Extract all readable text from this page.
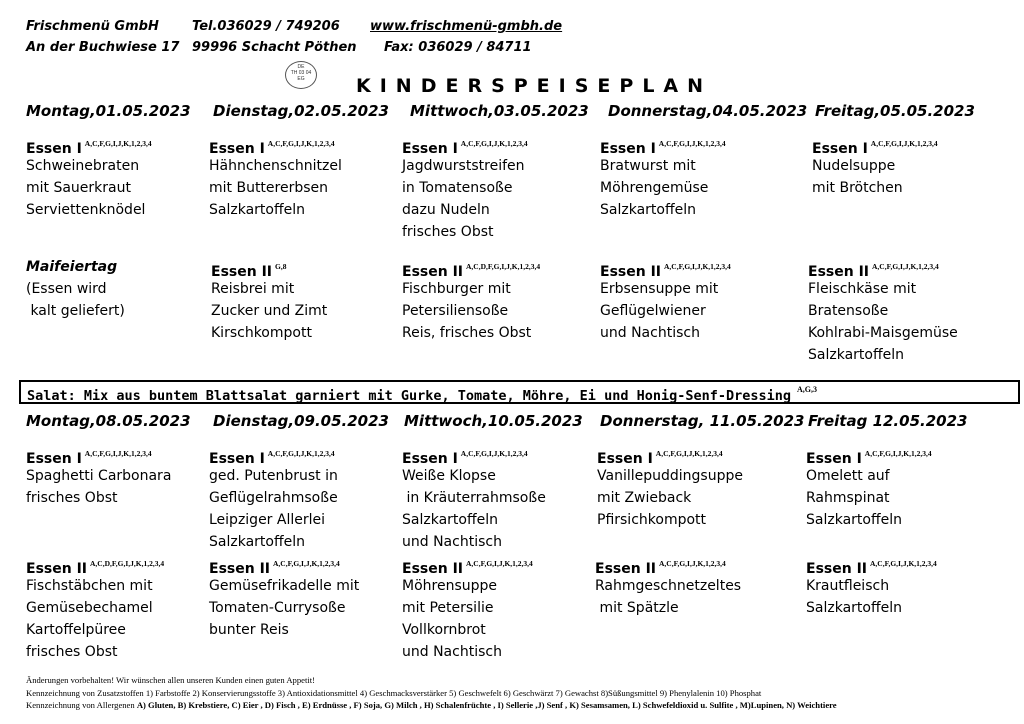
Frischmenü GmbH
An der Buchwiese 17
Tel.036029 / 749206
99996 Schacht Pöthen
www.frischmenü-gmbh.de
Fax: 036029 / 84711
DE
TH 03 04
EG	KINDERSPEISEPLAN
Montag,01.05.2023
Essen I $^{A,C,F,G,I,J,K,1,2,3,4}$
Schweinebraten
mit Sauerkraut
Serviettenknödel
Maifeiertag
(Essen wird
kalt geliefert)
Dienstag,02.05.2023
Essen I $^{A,C,F,G,I,J,K,1,2,3,4}$
Hähnchenschnitzel
mit Buttererbsen
Salzkartoffeln
Essen II $^{G,8}$
Reisbrei mit
Zucker und Zimt
Kirschkompott
Mittwoch,03.05.2023
Essen I $^{A,C,F,G,I,J,K,1,2,3,4}$
Jagdwurststreifen
in Tomatensoße
dazu Nudeln
frisches Obst
Essen II $^{A,C,D,F,G,I,J,K,1,2,3,4}$
Fischburger mit
Petersiliensoße
Reis, frisches Obst
Donnerstag,04.05.2023
Essen I $^{A,C,F,G,I,J,K,1,2,3,4}$
Bratwurst mit
Möhrengemüse
Salzkartoffeln
Essen II $^{A,C,F,G,I,J,K,1,2,3,4}$
Erbsensuppe mit
Geflügelwiener
und Nachtisch
Freitag,05.05.2023
Essen I $^{A,C,F,G,I,J,K,1,2,3,4}$
Nudelsuppe
mit Brötchen
Essen II $^{A,C,F,G,I,J,K,1,2,3,4}$
Fleischkäse mit
Bratensoße
Kohlrabi-Maisgemüse
Salzkartoffeln
Salat: Mix aus buntem Blattsalat garniert mit Gurke, Tomate, Möhre, Ei und Honig-Senf-Dressing $^{A,G,3}$
Montag,08.05.2023
Essen I $^{A,C,F,G,I,J,K,1,2,3,4}$
Spaghetti Carbonara
frisches Obst
Essen II $^{A,C,D,F,G,I,J,K,1,2,3,4}$
Fischstäbchen mit
Gemüsebechamel
Kartoffelpüree
frisches Obst
Dienstag,09.05.2023
Essen I $^{A,C,F,G,I,J,K,1,2,3,4}$
ged. Putenbrust in
Geflügelrahmsoße
Leipziger Allerlei
Salzkartoffeln
Essen II $^{A,C,F,G,I,J,K,1,2,3,4}$
Gemüsefrikadelle mit
Tomaten-Currysoße
bunter Reis
Mittwoch,10.05.2023
Essen I $^{A,C,F,G,I,J,K,1,2,3,4}$
Weiße Klopse
in Kräuterrahmsoße
Salzkartoffeln
und Nachtisch
Essen II $^{A,C,F,G,I,J,K,1,2,3,4}$
Möhrensuppe
mit Petersilie
Vollkornbrot
und Nachtisch
Donnerstag, 11.05.2023
Essen I $^{A,C,F,G,I,J,K,1,2,3,4}$
Vanillepuddingsuppe
mit Zwieback
Pfirsichkompott
Essen II $^{A,C,F,G,I,J,K,1,2,3,4}$
Rahmgeschnetzeltes
mit Spätzle
Freitag 12.05.2023
Essen I $^{A,C,F,G,I,J,K,1,2,3,4}$
Omelett auf
Rahmspinat
Salzkartoffeln
Essen II $^{A,C,F,G,I,J,K,1,2,3,4}$
Krautfleisch
Salzkartoffeln
Änderungen vorbehalten! Wir wünschen allen unseren Kunden einen guten Appetit!
Kennzeichnung von Zusatzstoffen 1) Farbstoffe 2) Konservierungsstoffe 3) Antioxidationsmittel 4) Geschmacksverstärker 5) Geschwefelt 6) Geschwärzt 7) Gewachst 8)Süßungsmittel 9) Phenylalenin 10) Phosphat
Kennzeichnung von Allergenen A) Gluten, B) Krebstiere, C) Eier , D) Fisch , E) Erdnüsse , F) Soja, G) Milch , H) Schalenfrüchte , I) Sellerie ,J) Senf , K) Sesamsamen, L) Schwefeldioxid u. Sulfite , M)Lupinen, N) Weichtiere
